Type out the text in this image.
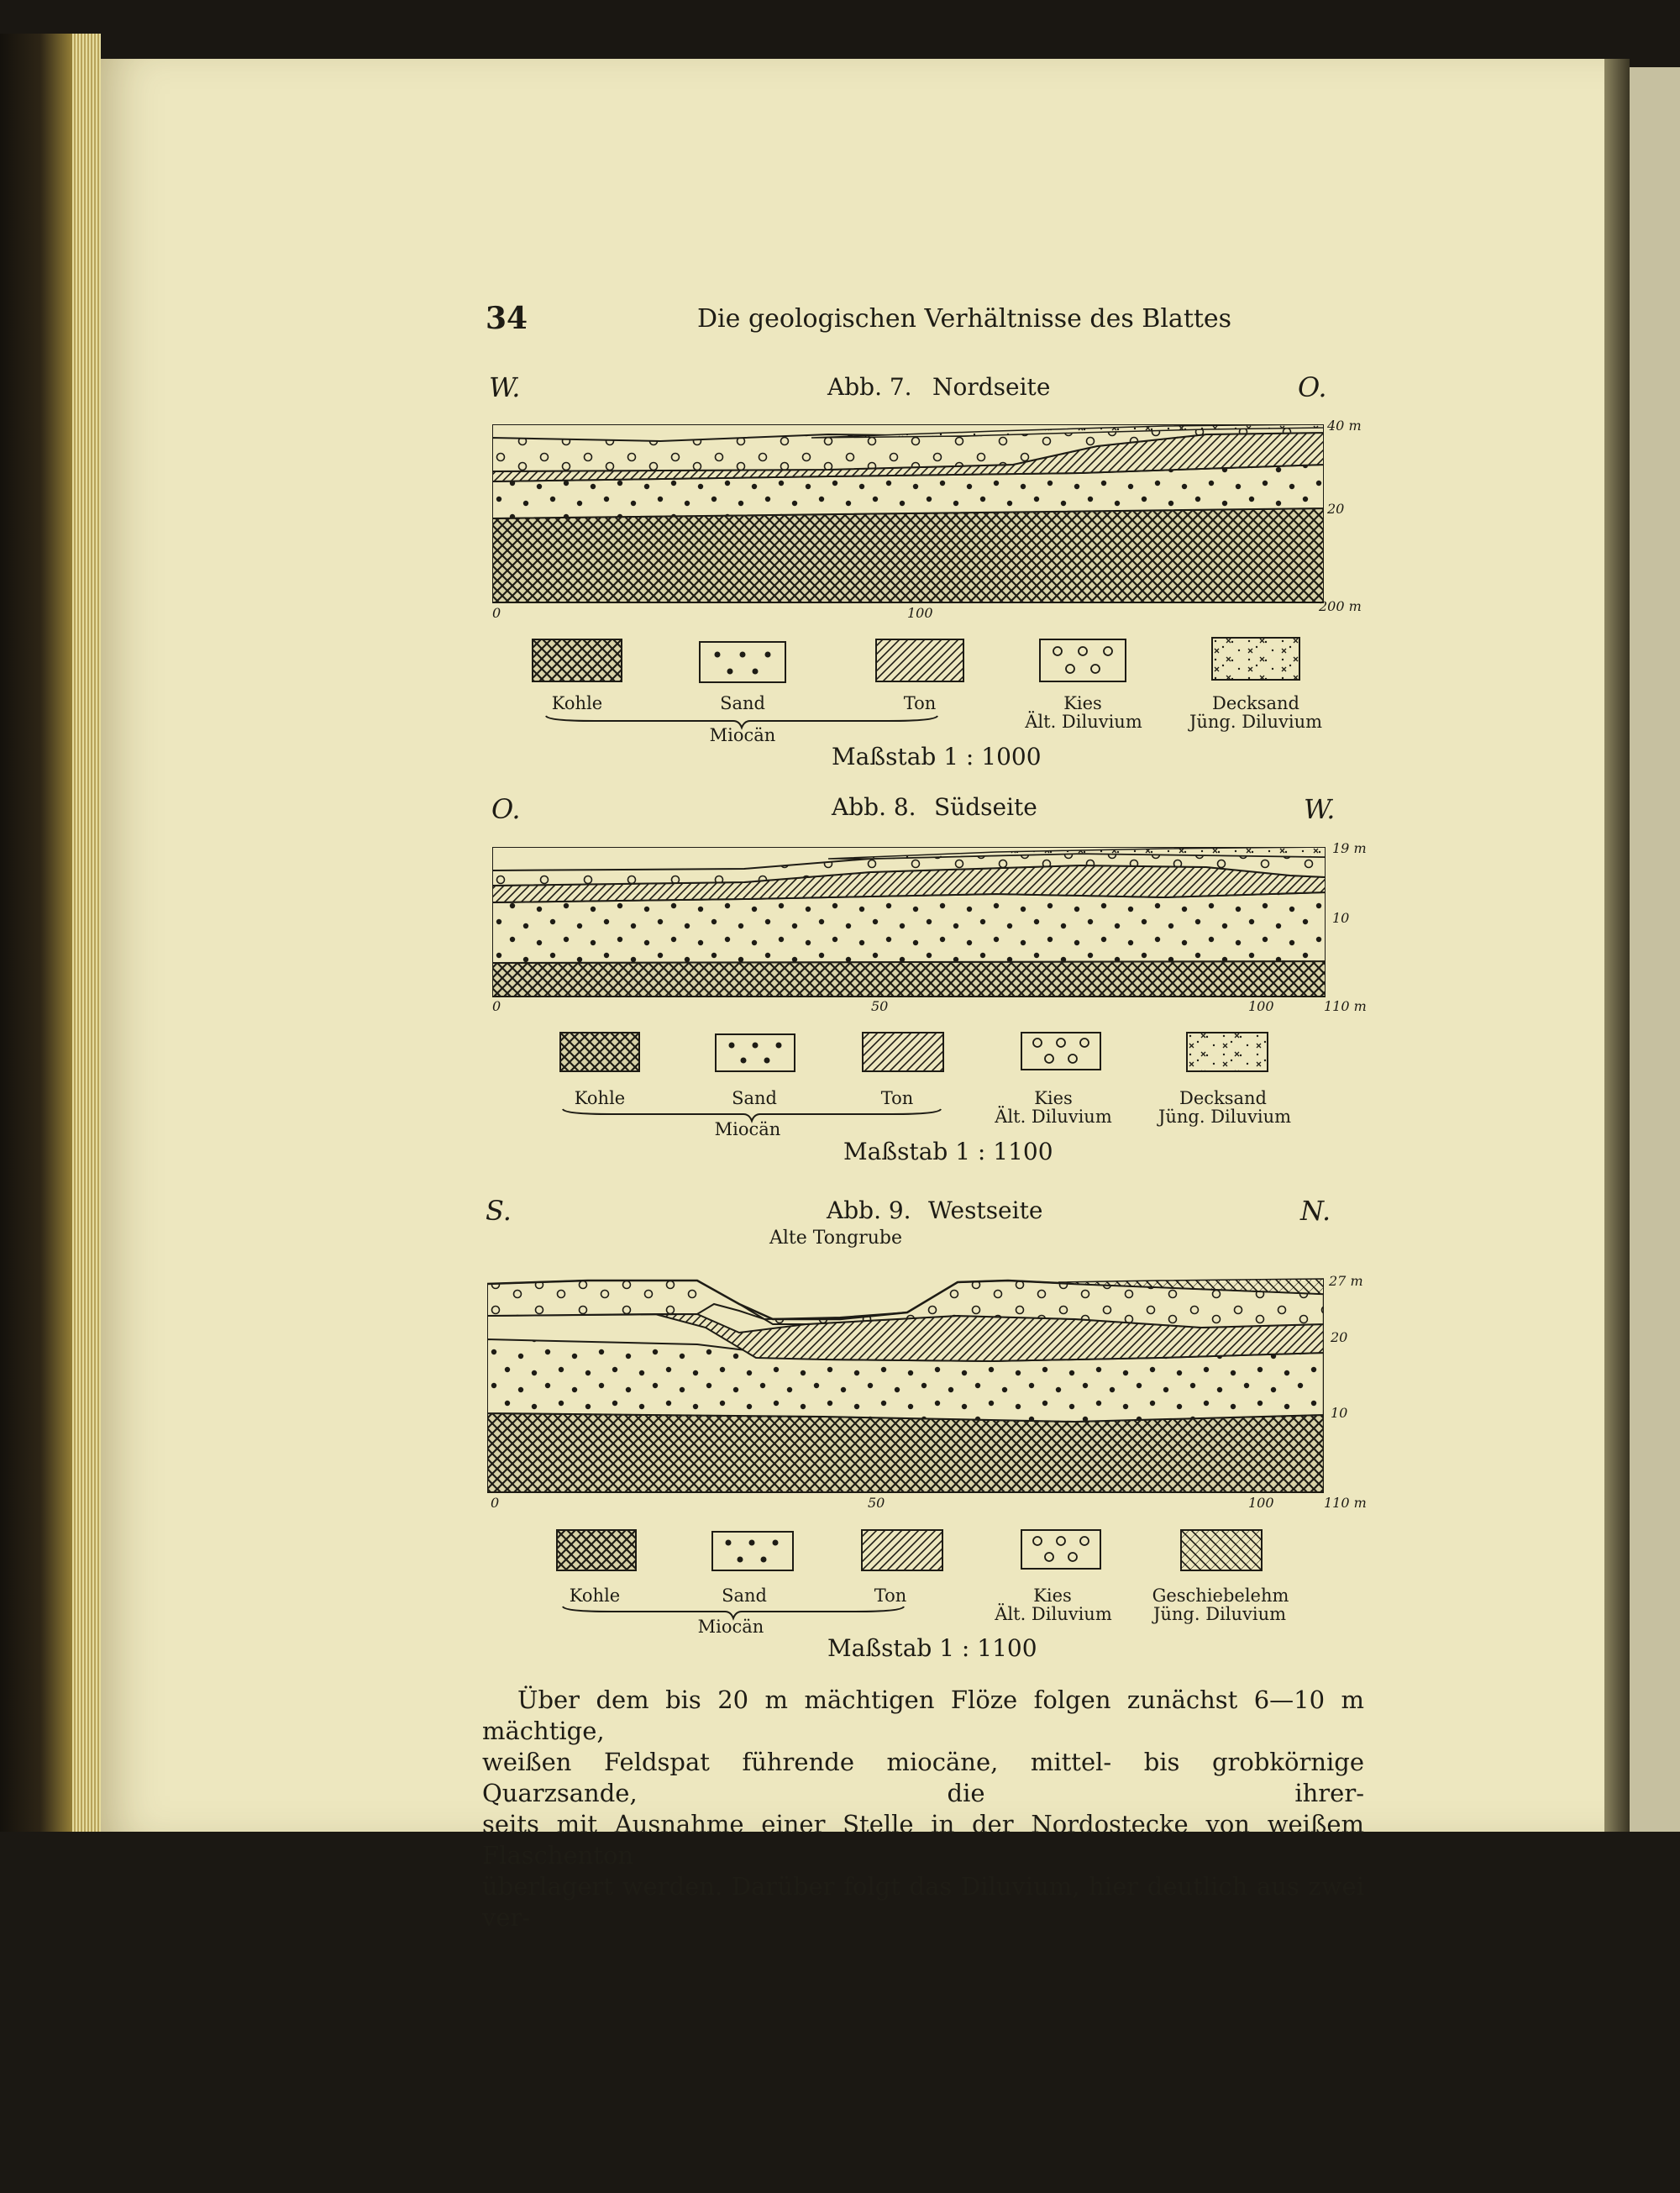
34	Die geologischen Verhältnisse des Blattes
W.	Abb. 7. Nordseite	O.
40 m
20
0	100	200 m
Kohle	Sand	Ton	Kies
Ält. Diluvium
Decksand
Jüng. Diluvium
Miocän
Maßstab 1 : 1000
O.	Abb. 8. Südseite	W.
19 m
10
0	50	100	110 m
Kohle	Sand	Ton	Kies
Ält. Diluvium
Decksand
Jüng. Diluvium
Miocän
Maßstab 1 : 1100
S.	Abb. 9. Westseite	N.
Alte Tongrube
27 m
20
10
0	50	100	110 m
Kohle	Sand	Ton	Kies
Ält. Diluvium
Geschiebelehm
Jüng. Diluvium
Miocän
Maßstab 1 : 1100
Über dem bis 20 m mächtigen Flöze folgen zunächst 6—10 m mächtige,
weißen Feldspat führende miocäne, mittel- bis grobkörnige Quarzsande, die ihrer-
seits mit Ausnahme einer Stelle in der Nordostecke von weißem Flaschenton
überlagert werden. Darüber folgt das Diluvium, hier deutlich aus zwei ver-
